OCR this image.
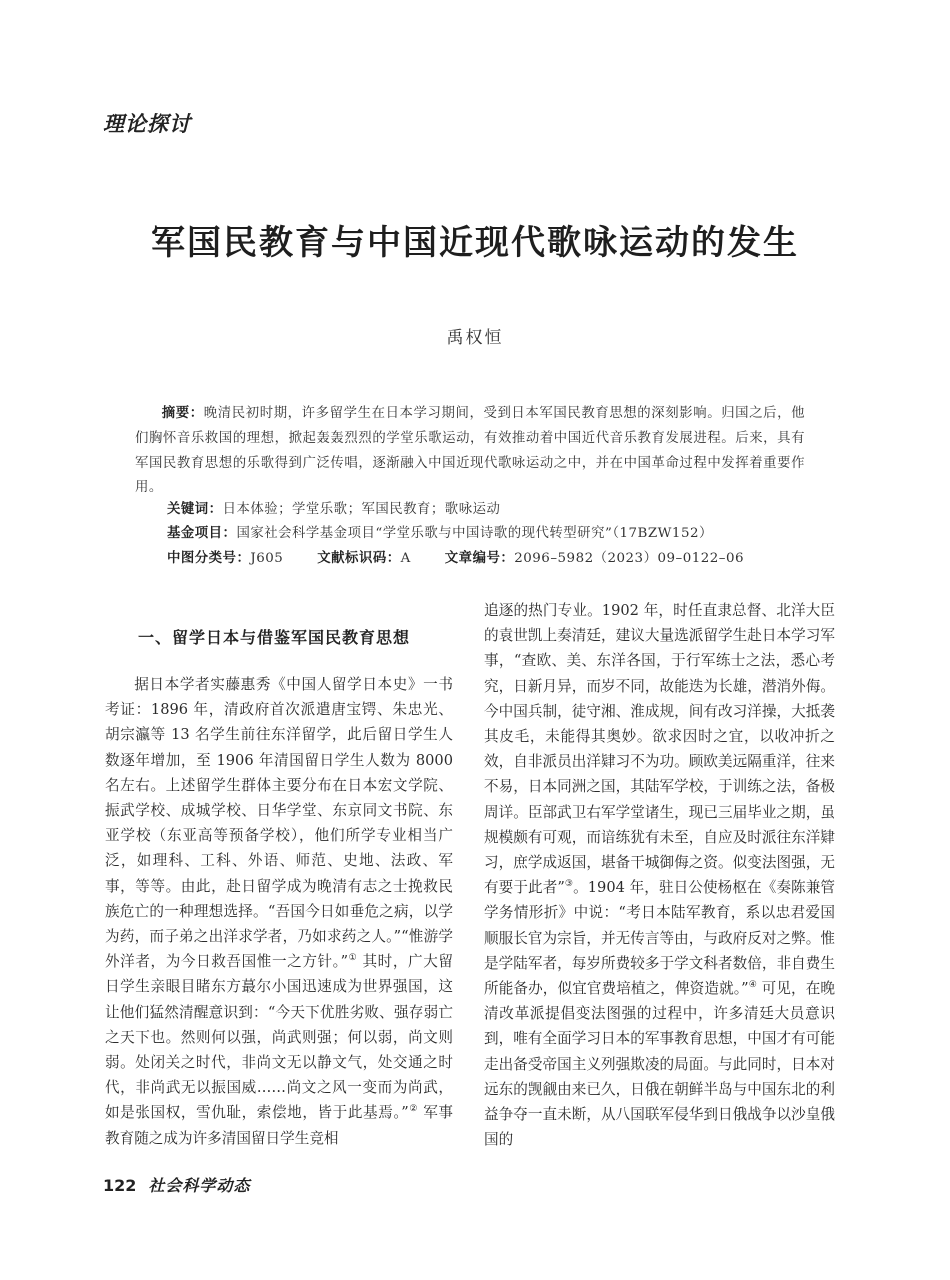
理论探讨
军国民教育与中国近现代歌咏运动的发生
禹权恒
摘要：晚清民初时期，许多留学生在日本学习期间，受到日本军国民教育思想的深刻影响。归国之后，他们胸怀音乐救国的理想，掀起轰轰烈烈的学堂乐歌运动，有效推动着中国近代音乐教育发展进程。后来，具有军国民教育思想的乐歌得到广泛传唱，逐渐融入中国近现代歌咏运动之中，并在中国革命过程中发挥着重要作用。
关键词：日本体验；学堂乐歌；军国民教育；歌咏运动
基金项目：国家社会科学基金项目“学堂乐歌与中国诗歌的现代转型研究”（17BZW152）
中图分类号：J605	文献标识码：A	文章编号：2096–5982（2023）09–0122–06
一、留学日本与借鉴军国民教育思想

据日本学者实藤惠秀《中国人留学日本史》一书考证：1896 年，清政府首次派遣唐宝锷、朱忠光、胡宗瀛等 13 名学生前往东洋留学，此后留日学生人数逐年增加，至 1906 年清国留日学生人数为 8000 名左右。上述留学生群体主要分布在日本宏文学院、振武学校、成城学校、日华学堂、东京同文书院、东亚学校（东亚高等预备学校），他们所学专业相当广泛，如理科、工科、外语、师范、史地、法政、军事，等等。由此，赴日留学成为晚清有志之士挽救民族危亡的一种理想选择。“吾国今日如垂危之病，以学为药，而子弟之出洋求学者，乃如求药之人。”“惟游学外洋者，为今日救吾国惟一之方针。”① 其时，广大留日学生亲眼目睹东方蕞尔小国迅速成为世界强国，这让他们猛然清醒意识到：“今天下优胜劣败、强存弱亡之天下也。然则何以强，尚武则强；何以弱，尚文则弱。处闭关之时代，非尚文无以静文气，处交通之时代，非尚武无以振国威……尚文之风一变而为尚武，如是张国权，雪仇耻，索偿地，皆于此基焉。”② 军事教育随之成为许多清国留日学生竞相

追逐的热门专业。1902 年，时任直隶总督、北洋大臣的袁世凯上奏清廷，建议大量选派留学生赴日本学习军事，“查欧、美、东洋各国，于行军练士之法，悉心考究，日新月异，而岁不同，故能迭为长雄，潜消外侮。今中国兵制，徒守湘、淮成规，间有改习洋操，大抵袭其皮毛，未能得其奥妙。欲求因时之宜，以收冲折之效，自非派员出洋肄习不为功。顾欧美远隔重洋，往来不易，日本同洲之国，其陆军学校，于训练之法，备极周详。臣部武卫右军学堂诸生，现已三届毕业之期，虽规模颇有可观，而谙练犹有未至，自应及时派往东洋肄习，庶学成返国，堪备干城御侮之资。似变法图强，无有要于此者”③。1904 年，驻日公使杨枢在《奏陈兼管学务情形折》中说：“考日本陆军教育，系以忠君爱国顺服长官为宗旨，并无传言等由，与政府反对之弊。惟是学陆军者，每岁所费较多于学文科者数倍，非自费生所能备办，似宜官费培植之，俾资造就。”④ 可见，在晚清改革派提倡变法图强的过程中，许多清廷大员意识到，唯有全面学习日本的军事教育思想，中国才有可能走出备受帝国主义列强欺凌的局面。与此同时，日本对远东的觊觎由来已久，日俄在朝鲜半岛与中国东北的利益争夺一直未断，从八国联军侵华到日俄战争以沙皇俄国的

122 社会科学动态
